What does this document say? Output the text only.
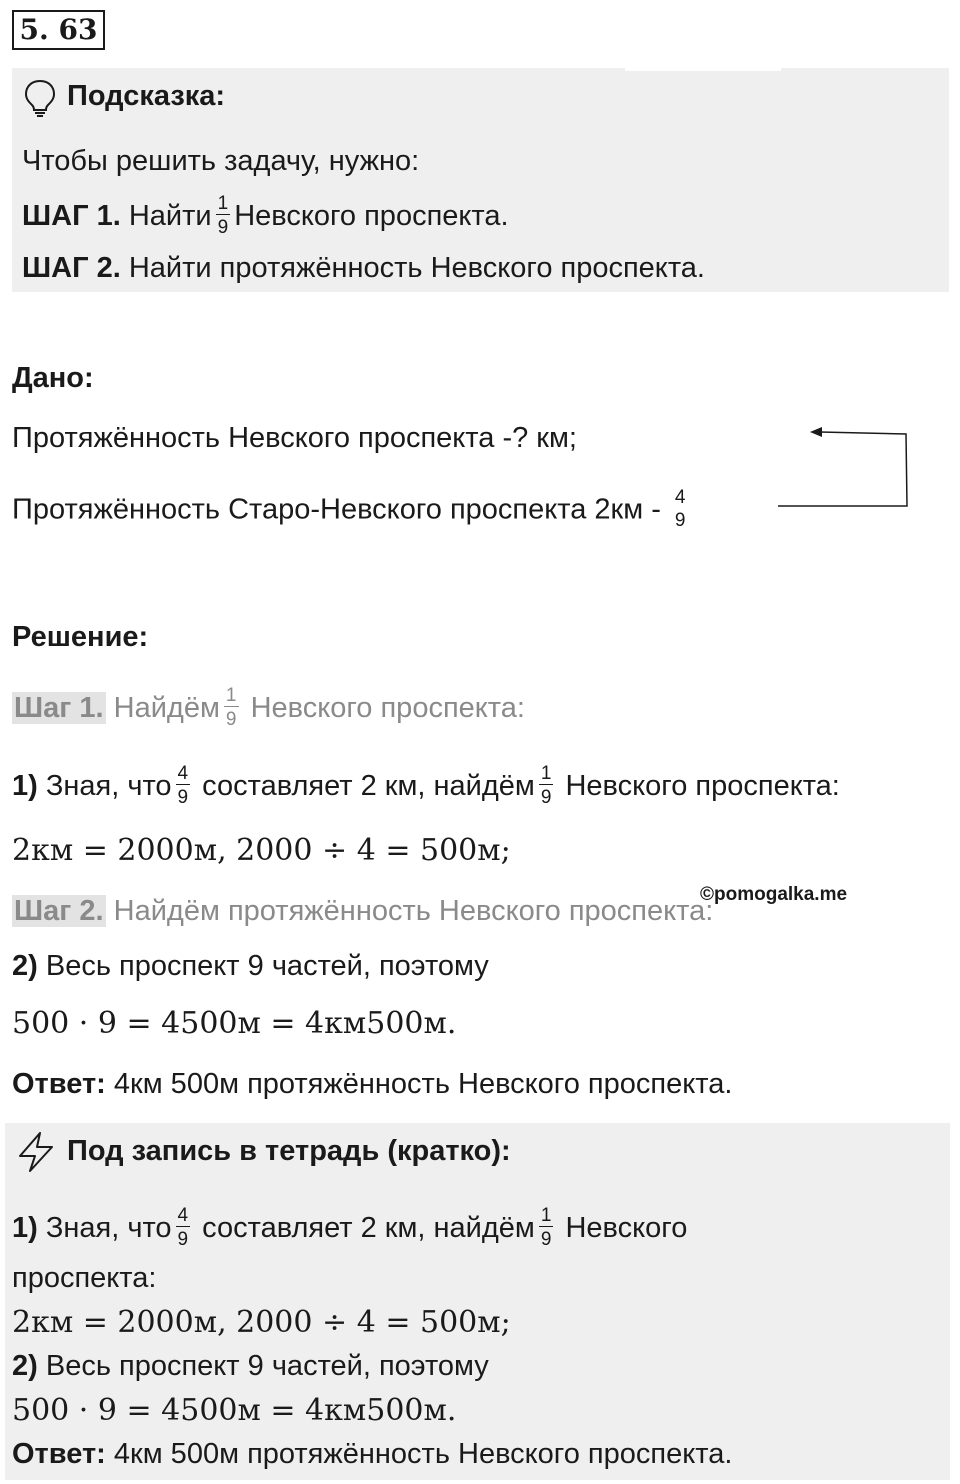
5. 63
Подсказка:
Чтобы решить задачу, нужно:
ШАГ 1. Найти $\frac{1}{9}$ Невского проспекта.
ШАГ 2. Найти протяжённость Невского проспекта.
Дано:
Протяжённость Невского проспекта -? км;
Протяжённость Старо-Невского проспекта 2км - 4
9
Решение:
Шаг 1. Найдём $\frac{1}{9}$ Невского проспекта:
1) Зная, что $\frac{4}{9}$ составляет 2 км, найдём $\frac{1}{9}$ Невского проспекта:
2км = 2000м, 2000 ÷ 4 = 500м;
Шаг 2. Найдём протяжённость Невского проспекта:
©pomogalka.me
2) Весь проспект 9 частей, поэтому
500 · 9 = 4500м = 4км500м.
Ответ: 4км 500м протяжённость Невского проспекта.
Под запись в тетрадь (кратко):
1) Зная, что $\frac{4}{9}$ составляет 2 км, найдём $\frac{1}{9}$ Невского
проспекта:
2км = 2000м, 2000 ÷ 4 = 500м;
2) Весь проспект 9 частей, поэтому
500 · 9 = 4500м = 4км500м.
Ответ: 4км 500м протяжённость Невского проспекта.
